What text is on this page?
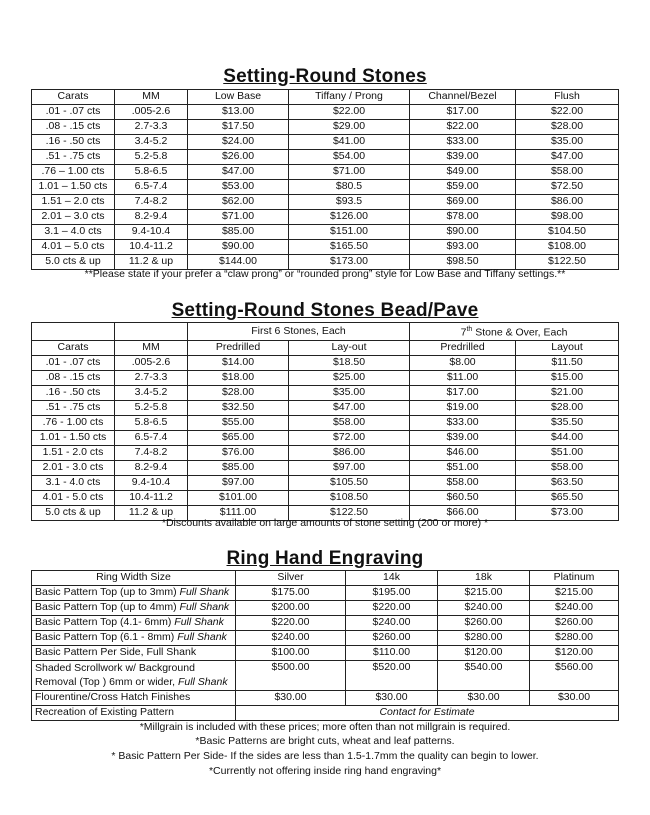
Setting-Round Stones
Carats	MM	Low Base	Tiffany / Prong	Channel/Bezel	Flush
.01 - .07 cts	.005-2.6	$13.00	$22.00	$17.00	$22.00
.08 - .15 cts	2.7-3.3	$17.50	$29.00	$22.00	$28.00
.16 - .50 cts	3.4-5.2	$24.00	$41.00	$33.00	$35.00
.51 - .75 cts	5.2-5.8	$26.00	$54.00	$39.00	$47.00
.76 – 1.00 cts	5.8-6.5	$47.00	$71.00	$49.00	$58.00
1.01 – 1.50 cts	6.5-7.4	$53.00	$80.5	$59.00	$72.50
1.51 – 2.0 cts	7.4-8.2	$62.00	$93.5	$69.00	$86.00
2.01 – 3.0 cts	8.2-9.4	$71.00	$126.00	$78.00	$98.00
3.1 – 4.0 cts	9.4-10.4	$85.00	$151.00	$90.00	$104.50
4.01 – 5.0 cts	10.4-11.2	$90.00	$165.50	$93.00	$108.00
5.0 cts & up	11.2 & up	$144.00	$173.00	$98.50	$122.50
**Please state if your prefer a “claw prong” or “rounded prong” style for Low Base and Tiffany settings.**
Setting-Round Stones Bead/Pave
		First 6 Stones, Each		7th Stone & Over, Each	
Carats	MM	Predrilled	Lay-out	Predrilled	Layout
.01 - .07 cts	.005-2.6	$14.00	$18.50	$8.00	$11.50
.08 - .15 cts	2.7-3.3	$18.00	$25.00	$11.00	$15.00
.16 - .50 cts	3.4-5.2	$28.00	$35.00	$17.00	$21.00
.51 - .75 cts	5.2-5.8	$32.50	$47.00	$19.00	$28.00
.76 - 1.00 cts	5.8-6.5	$55.00	$58.00	$33.00	$35.50
1.01 - 1.50 cts	6.5-7.4	$65.00	$72.00	$39.00	$44.00
1.51 - 2.0 cts	7.4-8.2	$76.00	$86.00	$46.00	$51.00
2.01 - 3.0 cts	8.2-9.4	$85.00	$97.00	$51.00	$58.00
3.1 - 4.0 cts	9.4-10.4	$97.00	$105.50	$58.00	$63.50
4.01 - 5.0 cts	10.4-11.2	$101.00	$108.50	$60.50	$65.50
5.0 cts & up	11.2 & up	$111.00	$122.50	$66.00	$73.00
*Discounts available on large amounts of stone setting (200 or more) *
Ring Hand Engraving
Ring Width Size	Silver	14k	18k	Platinum
Basic Pattern Top (up to 3mm) Full Shank	$175.00	$195.00	$215.00	$215.00
Basic Pattern Top (up to 4mm) Full Shank	$200.00	$220.00	$240.00	$240.00
Basic Pattern Top (4.1- 6mm) Full Shank	$220.00	$240.00	$260.00	$260.00
Basic Pattern Top (6.1 - 8mm) Full Shank	$240.00	$260.00	$280.00	$280.00
Basic Pattern Per Side, Full Shank	$100.00	$110.00	$120.00	$120.00

Shaded Scrollwork w/ Background
Removal (Top ) 6mm or wider, Full Shank	$500.00	$520.00	$540.00	$560.00
Flourentine/Cross Hatch Finishes	$30.00	$30.00	$30.00	$30.00
Recreation of Existing Pattern	Contact for Estimate			
*Millgrain is included with these prices; more often than not millgrain is required.
*Basic Patterns are bright cuts, wheat and leaf patterns.
* Basic Pattern Per Side- If the sides are less than 1.5-1.7mm the quality can begin to lower.
*Currently not offering inside ring hand engraving*
